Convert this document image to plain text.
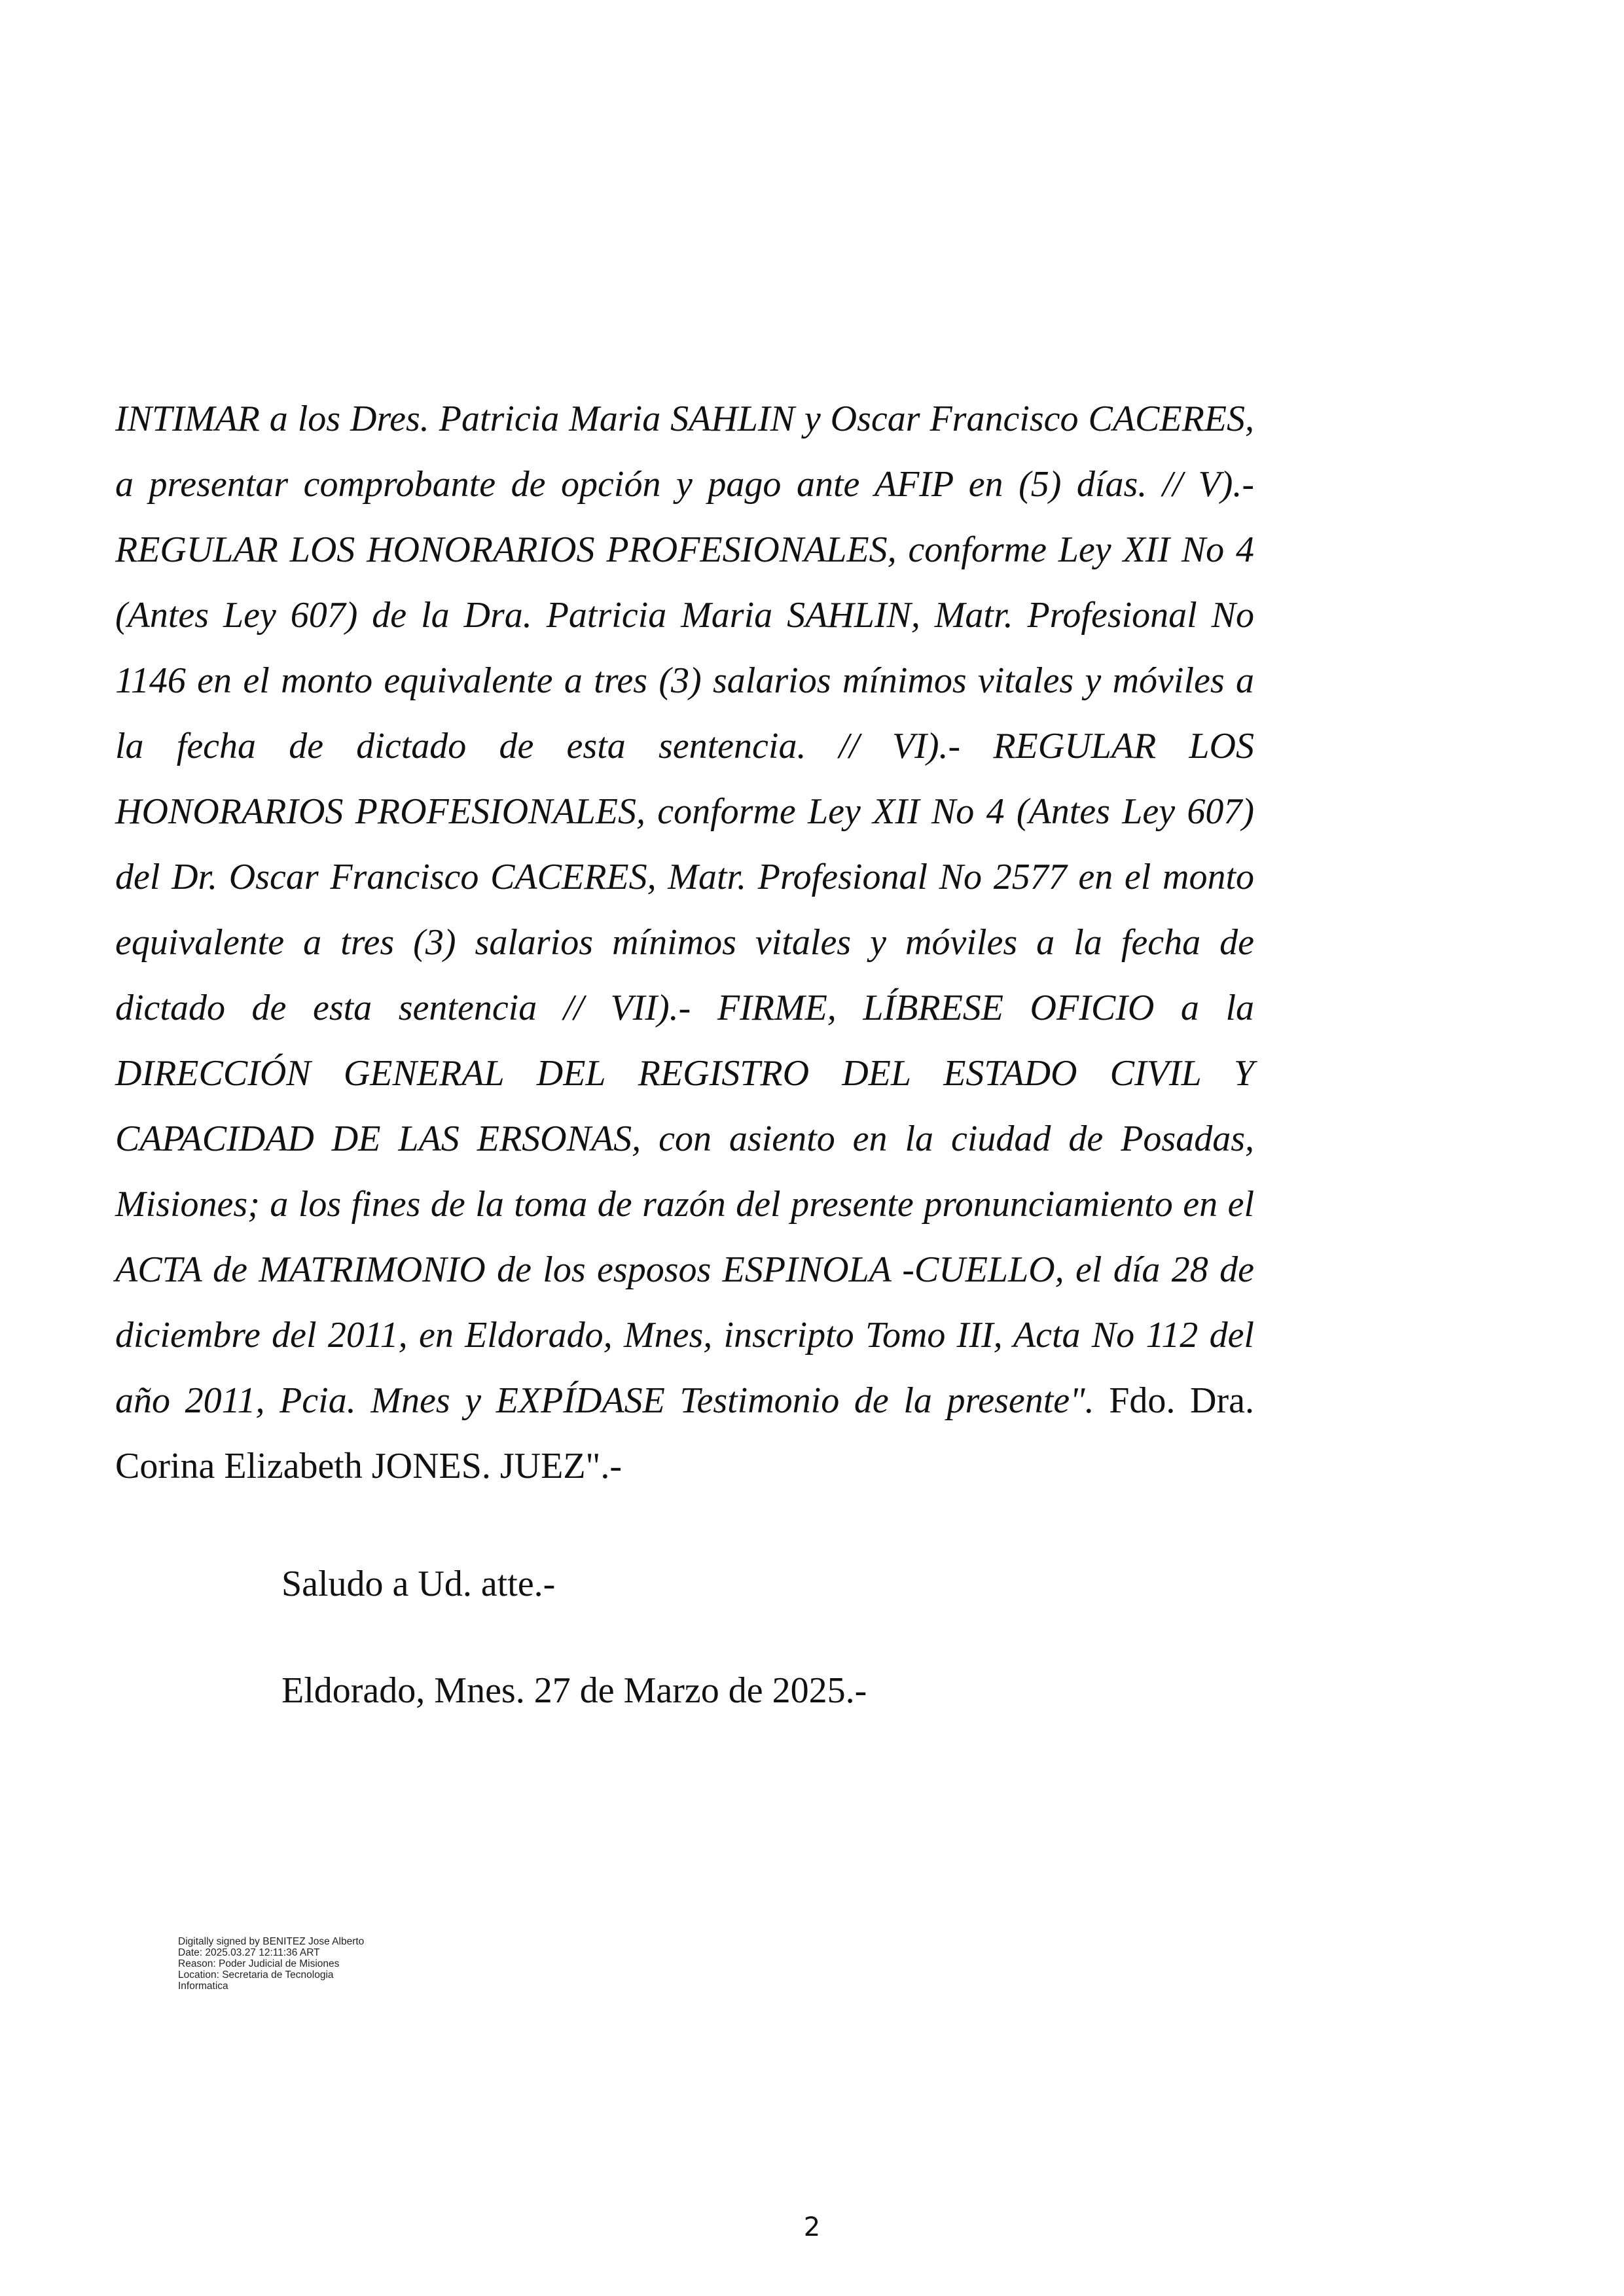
INTIMAR a los Dres. Patricia Maria SAHLIN y Oscar Francisco CACERES, a presentar comprobante de opción y pago ante AFIP en (5) días. // V).- REGULAR LOS HONORARIOS PROFESIONALES, conforme Ley XII No 4 (Antes Ley 607) de la Dra. Patricia Maria SAHLIN, Matr. Profesional No 1146 en el monto equivalente a tres (3) salarios mínimos vitales y móviles a la fecha de dictado de esta sentencia. // VI).- REGULAR LOS HONORARIOS PROFESIONALES, conforme Ley XII No 4 (Antes Ley 607) del Dr. Oscar Francisco CACERES, Matr. Profesional No 2577 en el monto equivalente a tres (3) salarios mínimos vitales y móviles a la fecha de dictado de esta sentencia // VII).- FIRME, LÍBRESE OFICIO a la DIRECCIÓN GENERAL DEL REGISTRO DEL ESTADO CIVIL Y CAPACIDAD DE LAS ERSONAS, con asiento en la ciudad de Posadas, Misiones; a los fines de la toma de razón del presente pronunciamiento en el ACTA de MATRIMONIO de los esposos ESPINOLA -CUELLO, el día 28 de diciembre del 2011, en Eldorado, Mnes, inscripto Tomo III, Acta No 112 del año 2011, Pcia. Mnes y EXPÍDASE Testimonio de la presente". Fdo. Dra. Corina Elizabeth JONES. JUEZ".-

Saludo a Ud. atte.-

Eldorado, Mnes. 27 de Marzo de 2025.-

Digitally signed by BENITEZ Jose Alberto
Date: 2025.03.27 12:11:36 ART
Reason: Poder Judicial de Misiones
Location: Secretaria de Tecnologia
Informatica
2
